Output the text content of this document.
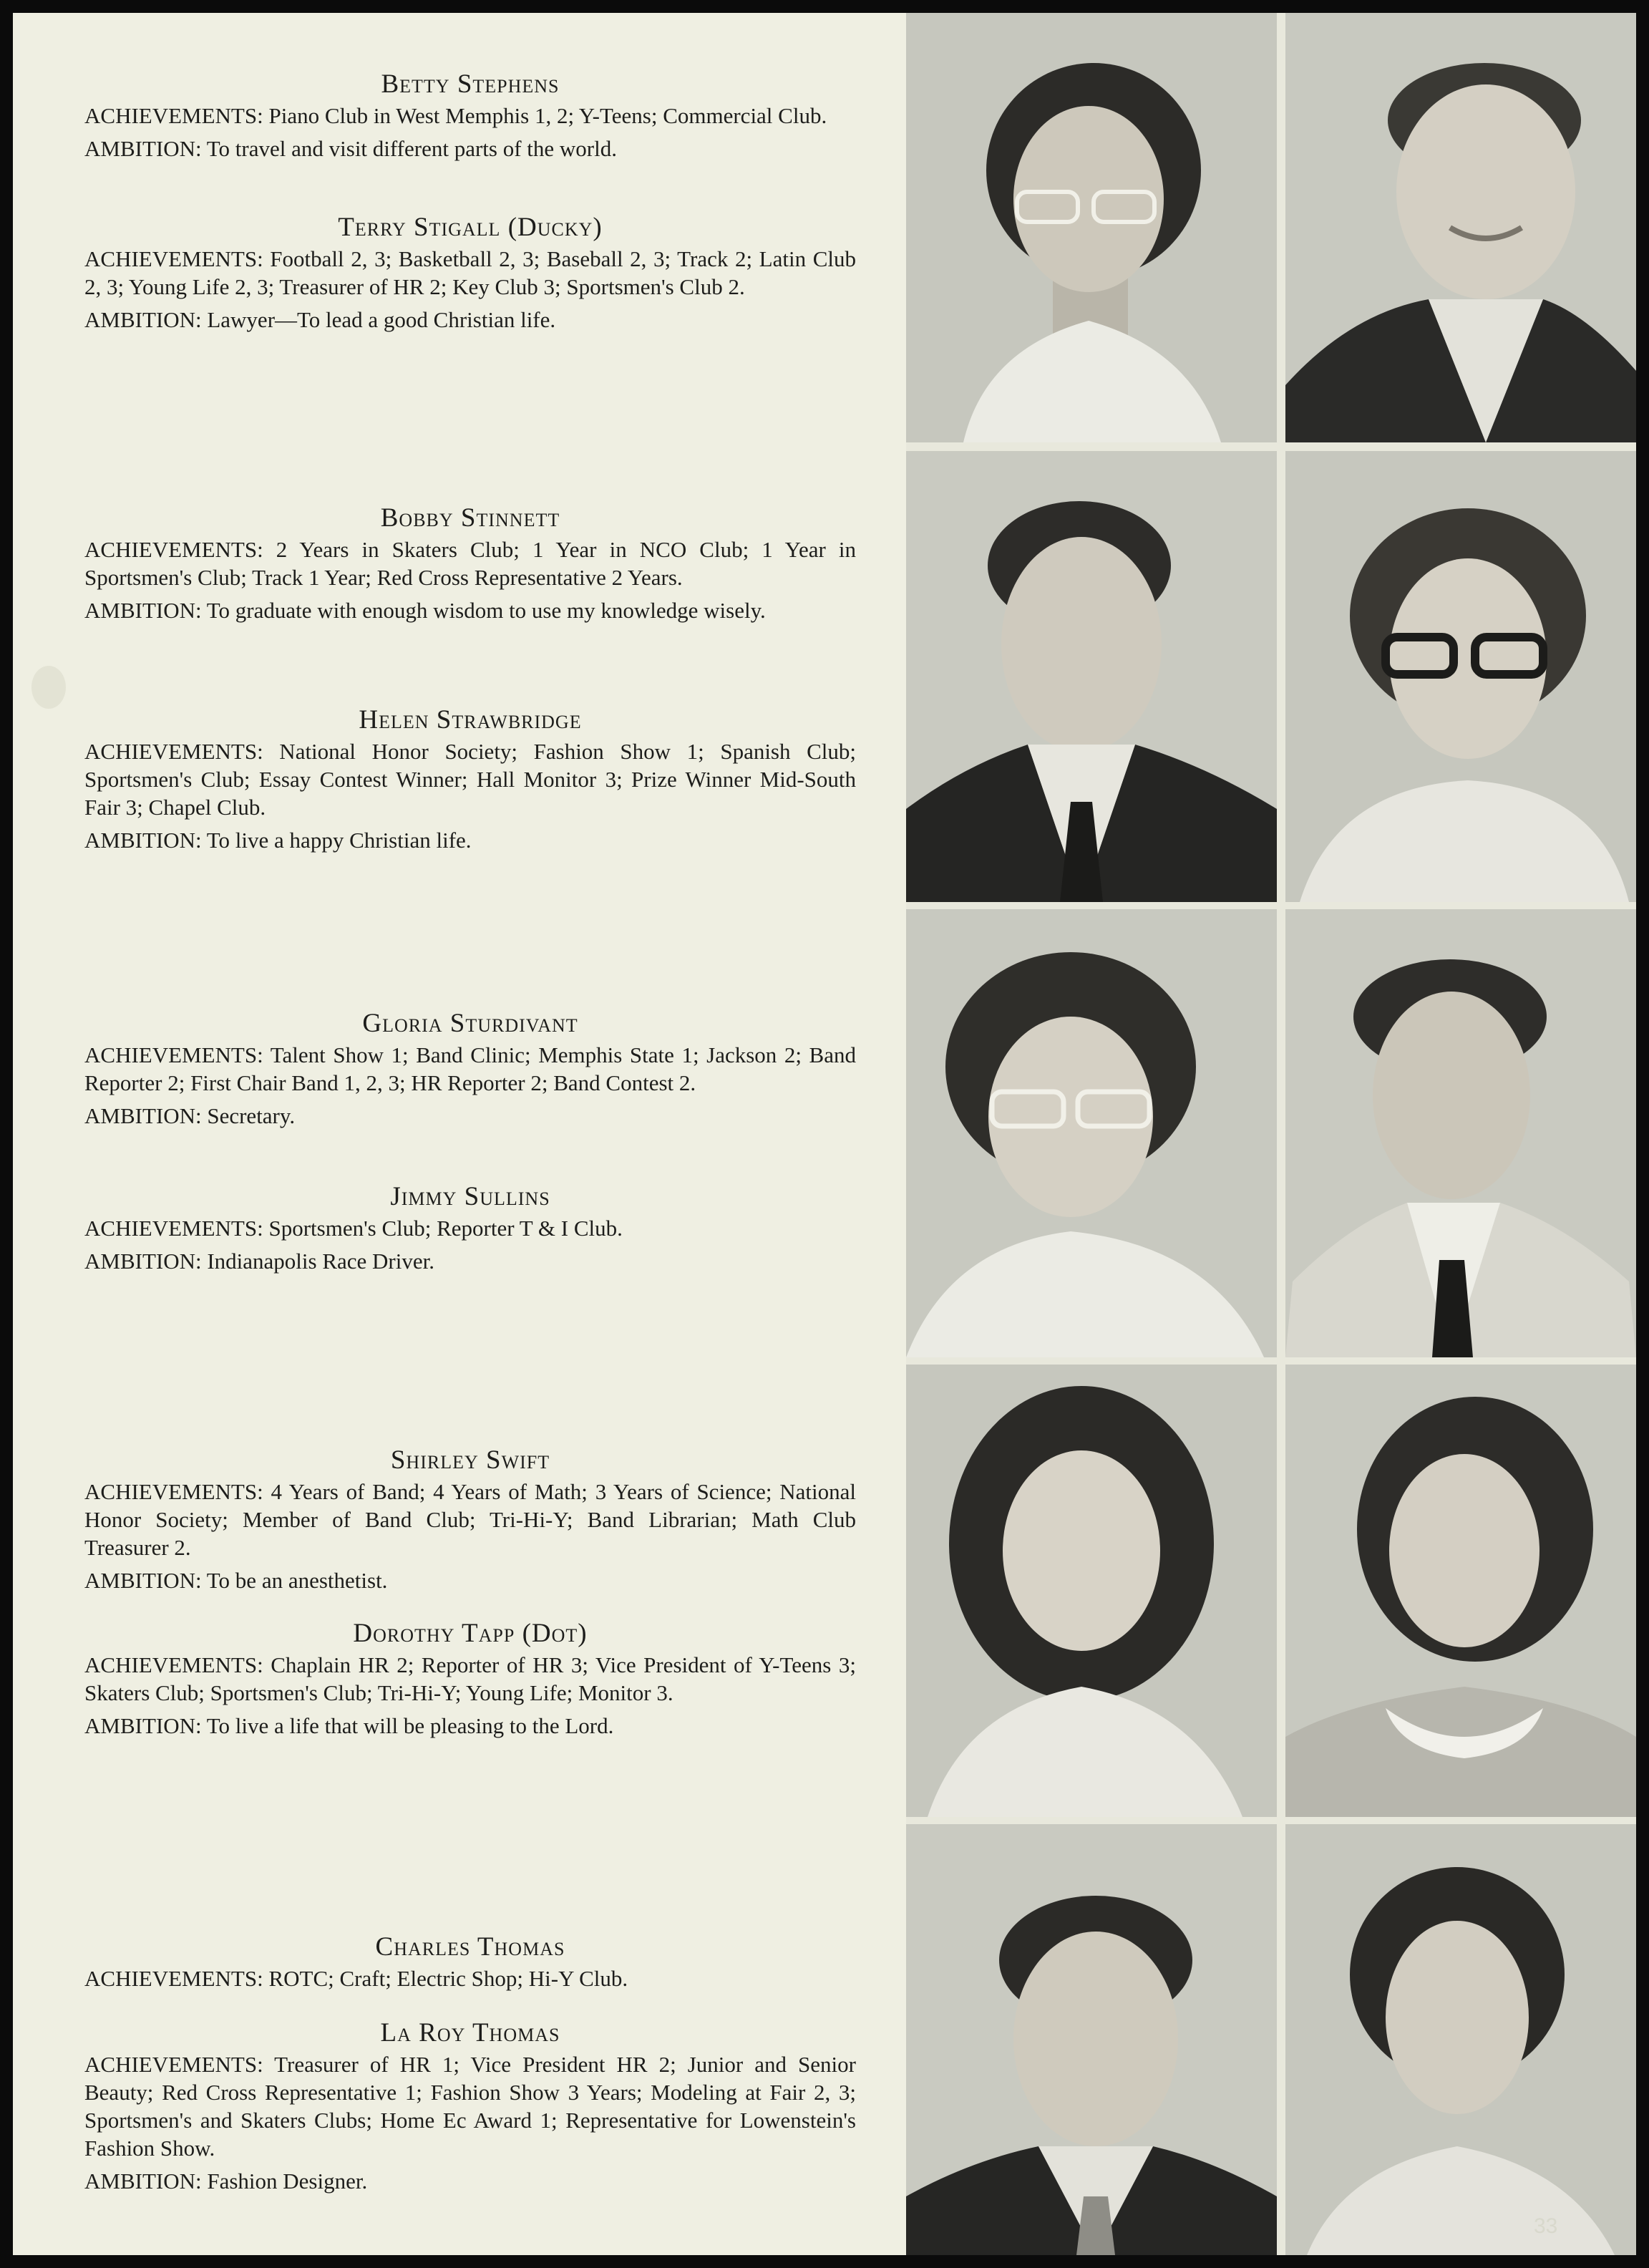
Betty Stephens

ACHIEVEMENTS: Piano Club in West Memphis 1, 2; Y-Teens; Commercial Club.

AMBITION: To travel and visit different parts of the world.

Terry Stigall (Ducky)

ACHIEVEMENTS: Football 2, 3; Basketball 2, 3; Baseball 2, 3; Track 2; Latin Club 2, 3; Young Life 2, 3; Treasurer of HR 2; Key Club 3; Sportsmen's Club 2.

AMBITION: Lawyer—To lead a good Christian life.

Bobby Stinnett

ACHIEVEMENTS: 2 Years in Skaters Club; 1 Year in NCO Club; 1 Year in Sportsmen's Club; Track 1 Year; Red Cross Representative 2 Years.

AMBITION: To graduate with enough wisdom to use my knowledge wisely.

Helen Strawbridge

ACHIEVEMENTS: National Honor Society; Fashion Show 1; Spanish Club; Sportsmen's Club; Essay Contest Winner; Hall Monitor 3; Prize Winner Mid-South Fair 3; Chapel Club.

AMBITION: To live a happy Christian life.

Gloria Sturdivant

ACHIEVEMENTS: Talent Show 1; Band Clinic; Memphis State 1; Jackson 2; Band Reporter 2; First Chair Band 1, 2, 3; HR Reporter 2; Band Contest 2.

AMBITION: Secretary.

Jimmy Sullins

ACHIEVEMENTS: Sportsmen's Club; Reporter T & I Club.

AMBITION: Indianapolis Race Driver.

Shirley Swift

ACHIEVEMENTS: 4 Years of Band; 4 Years of Math; 3 Years of Science; National Honor Society; Member of Band Club; Tri-Hi-Y; Band Librarian; Math Club Treasurer 2.

AMBITION: To be an anesthetist.

Dorothy Tapp (Dot)

ACHIEVEMENTS: Chaplain HR 2; Reporter of HR 3; Vice President of Y-Teens 3; Skaters Club; Sportsmen's Club; Tri-Hi-Y; Young Life; Monitor 3.

AMBITION: To live a life that will be pleasing to the Lord.

Charles Thomas

ACHIEVEMENTS: ROTC; Craft; Electric Shop; Hi-Y Club.

La Roy Thomas

ACHIEVEMENTS: Treasurer of HR 1; Vice President HR 2; Junior and Senior Beauty; Red Cross Representative 1; Fashion Show 3 Years; Modeling at Fair 2, 3; Sportsmen's and Skaters Clubs; Home Ec Award 1; Representative for Lowenstein's Fashion Show.

AMBITION: Fashion Designer.

33
